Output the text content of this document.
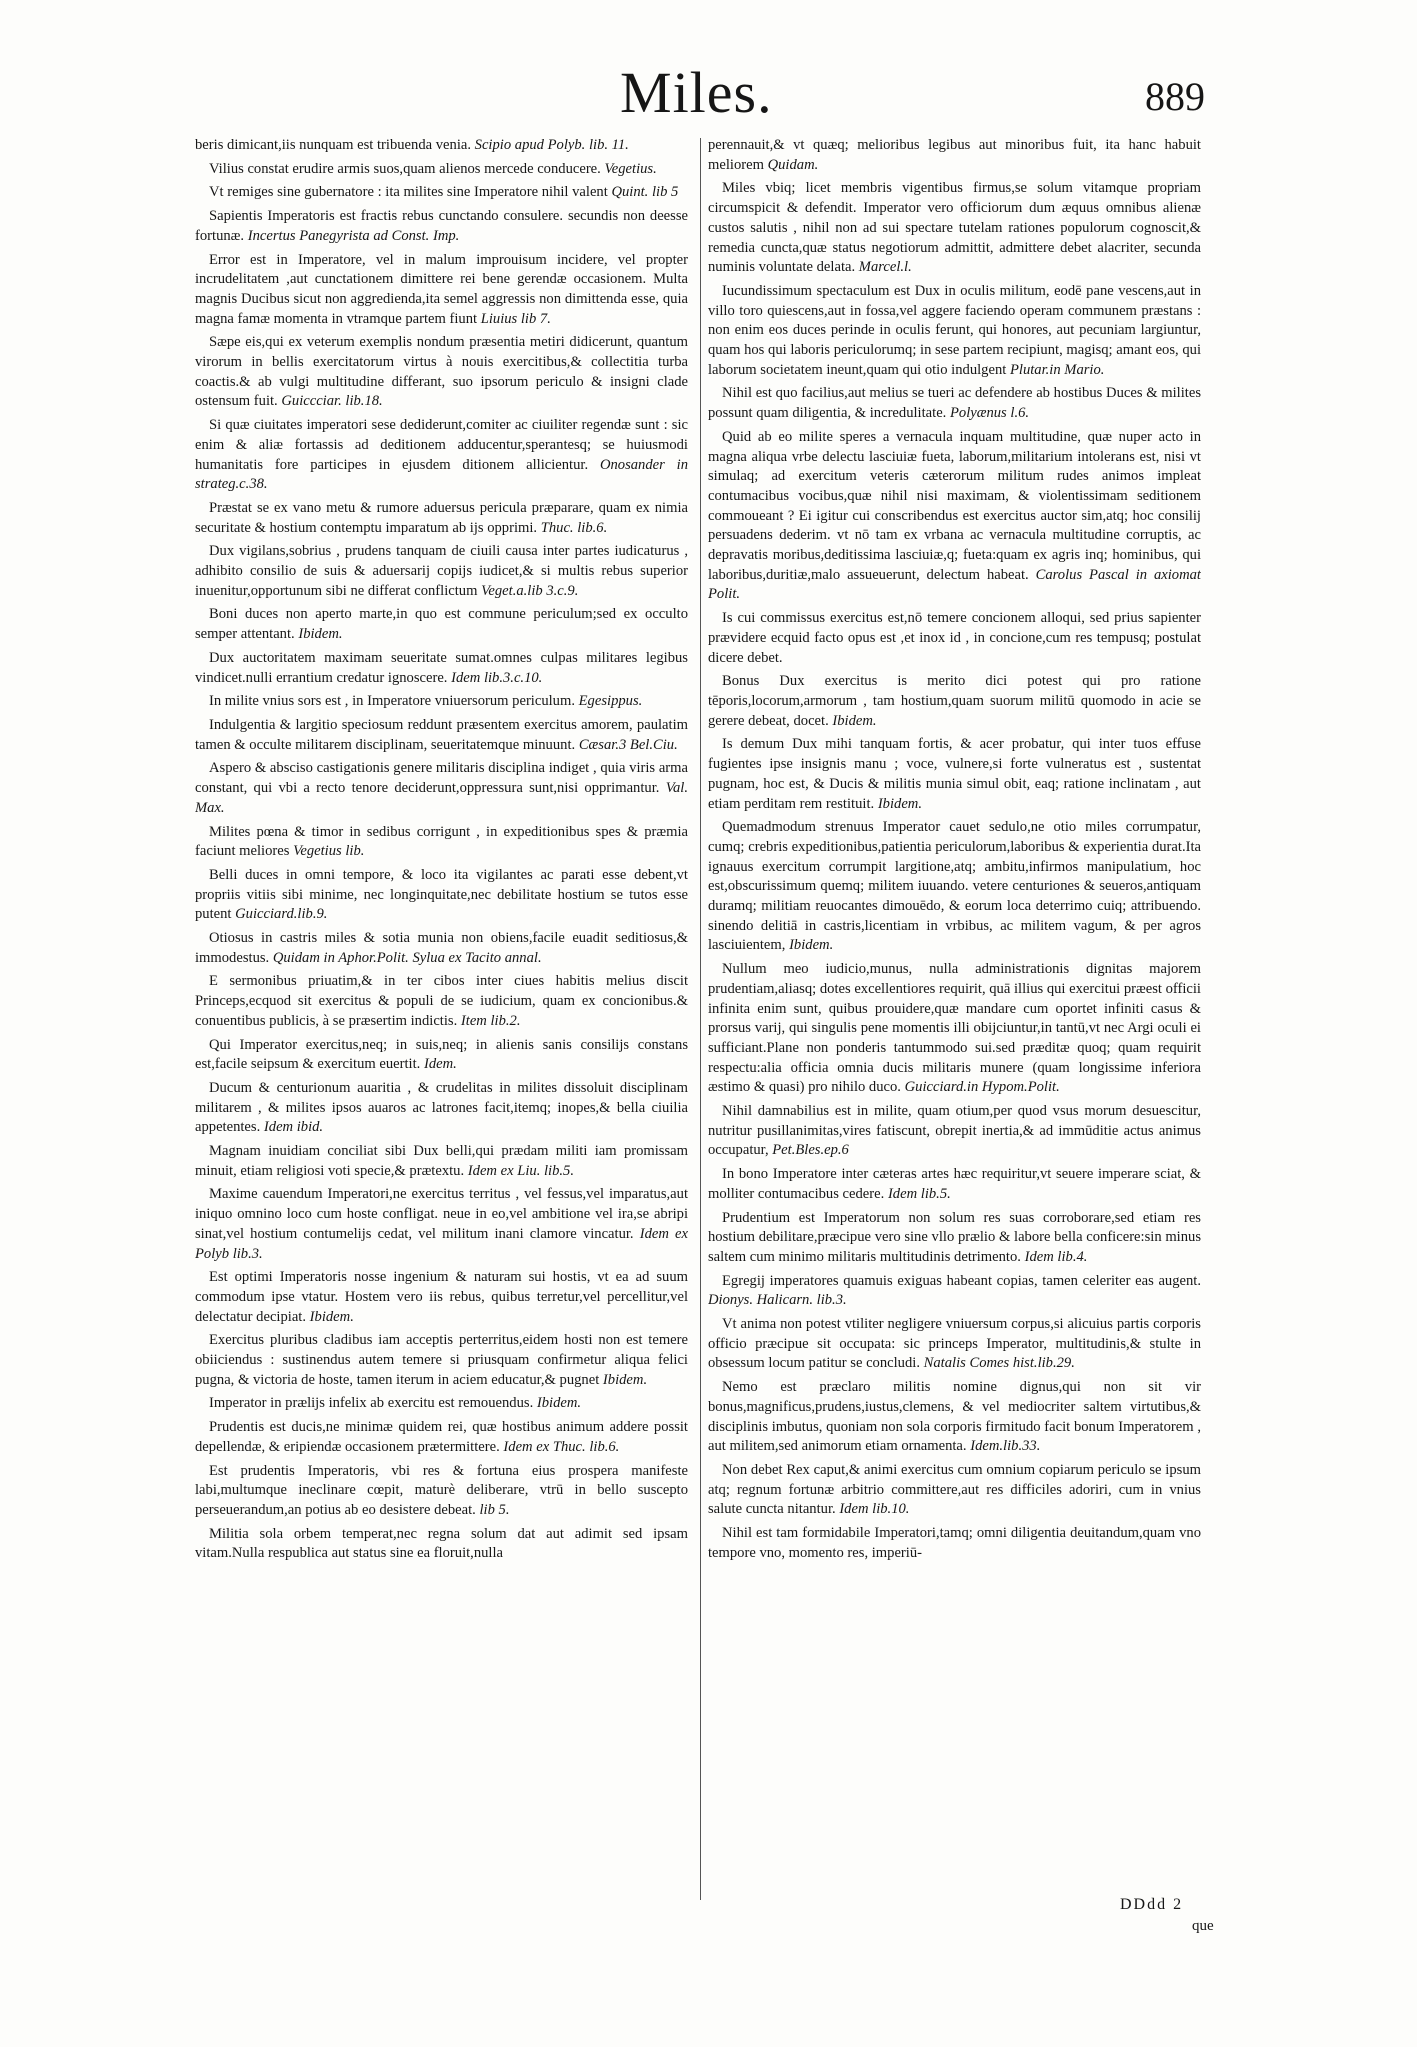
Miles.	889

beris dimicant,iis nunquam est tribuenda venia. Scipio apud Polyb. lib. 11.

Vilius constat erudire armis suos,quam alienos mercede conducere. Vegetius.

Vt remiges sine gubernatore : ita milites sine Imperatore nihil valent Quint. lib 5

Sapientis Imperatoris est fractis rebus cunctando consulere. secundis non deesse fortunæ. Incertus Panegyrista ad Const. Imp.

Error est in Imperatore, vel in malum improuisum incidere, vel propter incrudelitatem ,aut cunctationem dimittere rei bene gerendæ occasionem. Multa magnis Ducibus sicut non aggredienda,ita semel aggressis non dimittenda esse, quia magna famæ momenta in vtramque partem fiunt Liuius lib 7.

Sæpe eis,qui ex veterum exemplis nondum præsentia metiri didicerunt, quantum virorum in bellis exercitatorum virtus à nouis exercitibus,& collectitia turba coactis.& ab vulgi multitudine differant, suo ipsorum periculo & insigni clade ostensum fuit. Guiccciar. lib.18.

Si quæ ciuitates imperatori sese dediderunt,comiter ac ciuiliter regendæ sunt : sic enim & aliæ fortassis ad deditionem adducentur,sperantesq; se huiusmodi humanitatis fore participes in ejusdem ditionem allicientur. Onosander in strateg.c.38.

Præstat se ex vano metu & rumore aduersus pericula præparare, quam ex nimia securitate & hostium contemptu imparatum ab ijs opprimi. Thuc. lib.6.

Dux vigilans,sobrius , prudens tanquam de ciuili causa inter partes iudicaturus , adhibito consilio de suis & aduersarij copijs iudicet,& si multis rebus superior inuenitur,opportunum sibi ne differat conflictum Veget.a.lib 3.c.9.

Boni duces non aperto marte,in quo est commune periculum;sed ex occulto semper attentant. Ibidem.

Dux auctoritatem maximam seueritate sumat.omnes culpas militares legibus vindicet.nulli errantium credatur ignoscere. Idem lib.3.c.10.

In milite vnius sors est , in Imperatore vniuersorum periculum. Egesippus.

Indulgentia & largitio speciosum reddunt præsentem exercitus amorem, paulatim tamen & occulte militarem disciplinam, seueritatemque minuunt. Cæsar.3 Bel.Ciu.

Aspero & absciso castigationis genere militaris disciplina indiget , quia viris arma constant, qui vbi a recto tenore deciderunt,oppressura sunt,nisi opprimantur. Val. Max.

Milites pœna & timor in sedibus corrigunt , in expeditionibus spes & præmia faciunt meliores Vegetius lib.

Belli duces in omni tempore, & loco ita vigilantes ac parati esse debent,vt propriis vitiis sibi minime, nec longinquitate,nec debilitate hostium se tutos esse putent Guicciard.lib.9.

Otiosus in castris miles & sotia munia non obiens,facile euadit seditiosus,& immodestus. Quidam in Aphor.Polit. Sylua ex Tacito annal.

E sermonibus priuatim,& in ter cibos inter ciues habitis melius discit Princeps,ecquod sit exercitus & populi de se iudicium, quam ex concionibus.& conuentibus publicis, à se præsertim indictis. Item lib.2.

Qui Imperator exercitus,neq; in suis,neq; in alienis sanis consilijs constans est,facile seipsum & exercitum euertit. Idem.

Ducum & centurionum auaritia , & crudelitas in milites dissoluit disciplinam militarem , & milites ipsos auaros ac latrones facit,itemq; inopes,& bella ciuilia appetentes. Idem ibid.

Magnam inuidiam conciliat sibi Dux belli,qui prædam militi iam promissam minuit, etiam religiosi voti specie,& prætextu. Idem ex Liu. lib.5.

Maxime cauendum Imperatori,ne exercitus territus , vel fessus,vel imparatus,aut iniquo omnino loco cum hoste confligat. neue in eo,vel ambitione vel ira,se abripi sinat,vel hostium contumelijs cedat, vel militum inani clamore vincatur. Idem ex Polyb lib.3.

Est optimi Imperatoris nosse ingenium & naturam sui hostis, vt ea ad suum commodum ipse vtatur. Hostem vero iis rebus, quibus terretur,vel percellitur,vel delectatur decipiat. Ibidem.

Exercitus pluribus cladibus iam acceptis perterritus,eidem hosti non est temere obiiciendus : sustinendus autem temere si priusquam confirmetur aliqua felici pugna, & victoria de hoste, tamen iterum in aciem educatur,& pugnet Ibidem.

Imperator in prælijs infelix ab exercitu est remouendus. Ibidem.

Prudentis est ducis,ne minimæ quidem rei, quæ hostibus animum addere possit depellendæ, & eripiendæ occasionem prætermittere. Idem ex Thuc. lib.6.

Est prudentis Imperatoris, vbi res & fortuna eius prospera manifeste labi,multumque ineclinare cœpit, maturè deliberare, vtrū in bello suscepto perseuerandum,an potius ab eo desistere debeat. lib 5.

Militia sola orbem temperat,nec regna solum dat aut adimit sed ipsam vitam.Nulla respublica aut status sine ea floruit,nulla

perennauit,& vt quæq; melioribus legibus aut minoribus fuit, ita hanc habuit meliorem Quidam.

Miles vbiq; licet membris vigentibus firmus,se solum vitamque propriam circumspicit & defendit. Imperator vero officiorum dum æquus omnibus alienæ custos salutis , nihil non ad sui spectare tutelam rationes populorum cognoscit,& remedia cuncta,quæ status negotiorum admittit, admittere debet alacriter, secunda numinis voluntate delata. Marcel.l.

Iucundissimum spectaculum est Dux in oculis militum, eodē pane vescens,aut in villo toro quiescens,aut in fossa,vel aggere faciendo operam communem præstans : non enim eos duces perinde in oculis ferunt, qui honores, aut pecuniam largiuntur, quam hos qui laboris periculorumq; in sese partem recipiunt, magisq; amant eos, qui laborum societatem ineunt,quam qui otio indulgent Plutar.in Mario.

Nihil est quo facilius,aut melius se tueri ac defendere ab hostibus Duces & milites possunt quam diligentia, & incredulitate. Polyænus l.6.

Quid ab eo milite speres a vernacula inquam multitudine, quæ nuper acto in magna aliqua vrbe delectu lasciuiæ fueta, laborum,militarium intolerans est, nisi vt simulaq; ad exercitum veteris cæterorum militum rudes animos impleat contumacibus vocibus,quæ nihil nisi maximam, & violentissimam seditionem commoueant ? Ei igitur cui conscribendus est exercitus auctor sim,atq; hoc consilij persuadens dederim. vt nō tam ex vrbana ac vernacula multitudine corruptis, ac depravatis moribus,deditissima lasciuiæ,q; fueta:quam ex agris inq; hominibus, qui laboribus,duritiæ,malo assueuerunt, delectum habeat. Carolus Pascal in axiomat Polit.

Is cui commissus exercitus est,nō temere concionem alloqui, sed prius sapienter prævidere ecquid facto opus est ,et inox id , in concione,cum res tempusq; postulat dicere debet.

Bonus Dux exercitus is merito dici potest qui pro ratione tēporis,locorum,armorum , tam hostium,quam suorum militū quomodo in acie se gerere debeat, docet. Ibidem.

Is demum Dux mihi tanquam fortis, & acer probatur, qui inter tuos effuse fugientes ipse insignis manu ; voce, vulnere,si forte vulneratus est , sustentat pugnam, hoc est, & Ducis & militis munia simul obit, eaq; ratione inclinatam , aut etiam perditam rem restituit. Ibidem.

Quemadmodum strenuus Imperator cauet sedulo,ne otio miles corrumpatur, cumq; crebris expeditionibus,patientia periculorum,laboribus & experientia durat.Ita ignauus exercitum corrumpit largitione,atq; ambitu,infirmos manipulatium, hoc est,obscurissimum quemq; militem iuuando. vetere centuriones & seueros,antiquam duramq; militiam reuocantes dimouēdo, & eorum loca deterrimo cuiq; attribuendo. sinendo delitiā in castris,licentiam in vrbibus, ac militem vagum, & per agros lasciuientem, Ibidem.

Nullum meo iudicio,munus, nulla administrationis dignitas majorem prudentiam,aliasq; dotes excellentiores requirit, quā illius qui exercitui præest officii infinita enim sunt, quibus prouidere,quæ mandare cum oportet infiniti casus & prorsus varij, qui singulis pene momentis illi obijciuntur,in tantū,vt nec Argi oculi ei sufficiant.Plane non ponderis tantummodo sui.sed præditæ quoq; quam requirit respectu:alia officia omnia ducis militaris munere (quam longissime inferiora æstimo & quasi) pro nihilo duco. Guicciard.in Hypom.Polit.

Nihil damnabilius est in milite, quam otium,per quod vsus morum desuescitur, nutritur pusillanimitas,vires fatiscunt, obrepit inertia,& ad immūditie actus animus occupatur, Pet.Bles.ep.6

In bono Imperatore inter cæteras artes hæc requiritur,vt seuere imperare sciat, & molliter contumacibus cedere. Idem lib.5.

Prudentium est Imperatorum non solum res suas corroborare,sed etiam res hostium debilitare,præcipue vero sine vllo prælio & labore bella conficere:sin minus saltem cum minimo militaris multitudinis detrimento. Idem lib.4.

Egregij imperatores quamuis exiguas habeant copias, tamen celeriter eas augent. Dionys. Halicarn. lib.3.

Vt anima non potest vtiliter negligere vniuersum corpus,si alicuius partis corporis officio præcipue sit occupata: sic princeps Imperator, multitudinis,& stulte in obsessum locum patitur se concludi. Natalis Comes hist.lib.29.

Nemo est præclaro militis nomine dignus,qui non sit vir bonus,magnificus,prudens,iustus,clemens, & vel mediocriter saltem virtutibus,& disciplinis imbutus, quoniam non sola corporis firmitudo facit bonum Imperatorem , aut militem,sed animorum etiam ornamenta. Idem.lib.33.

Non debet Rex caput,& animi exercitus cum omnium copiarum periculo se ipsum atq; regnum fortunæ arbitrio committere,aut res difficiles adoriri, cum in vnius salute cuncta nitantur. Idem lib.10.

Nihil est tam formidabile Imperatori,tamq; omni diligentia deuitandum,quam vno tempore vno, momento res, imperiū-

DDdd 2
que
